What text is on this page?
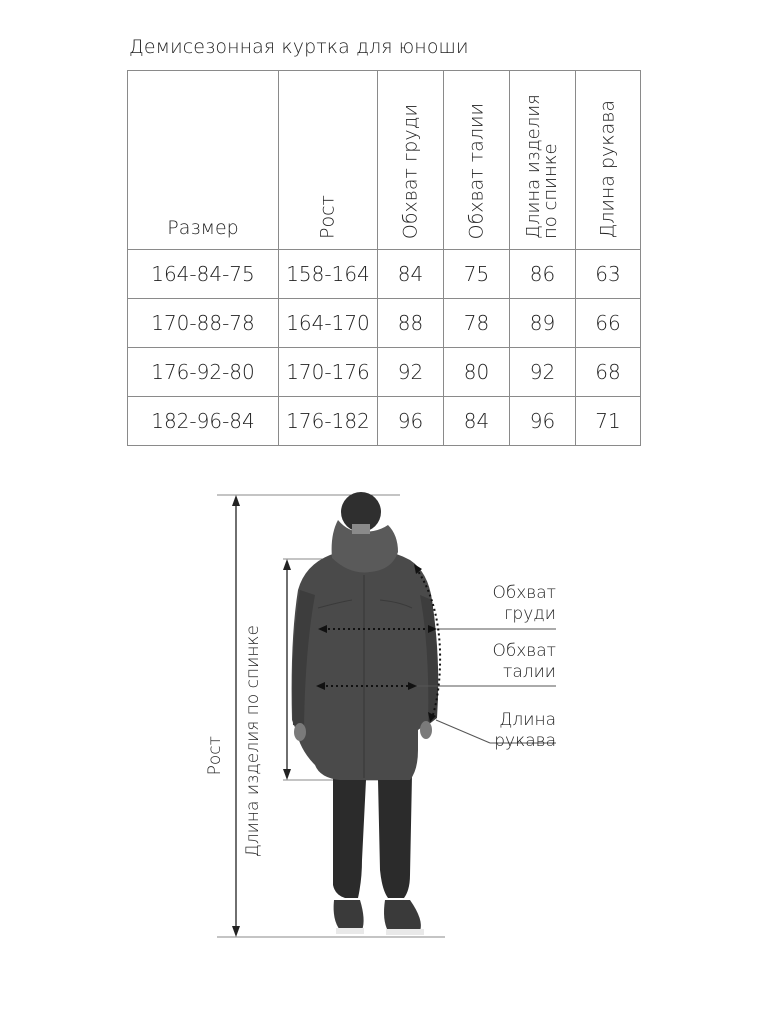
Демисезонная куртка для юноши
Размер	Рост	Обхват груди	Обхват талии	Длина изделия по спинке	Длина рукава

164-84-75	158-164	84	75	86	63
170-88-78	164-170	88	78	89	66
176-92-80	170-176	92	80	92	68
182-96-84	176-182	96	84	96	71
Рост Длина изделия по спинке
Обхват груди
Обхват талии
Длина рукава
